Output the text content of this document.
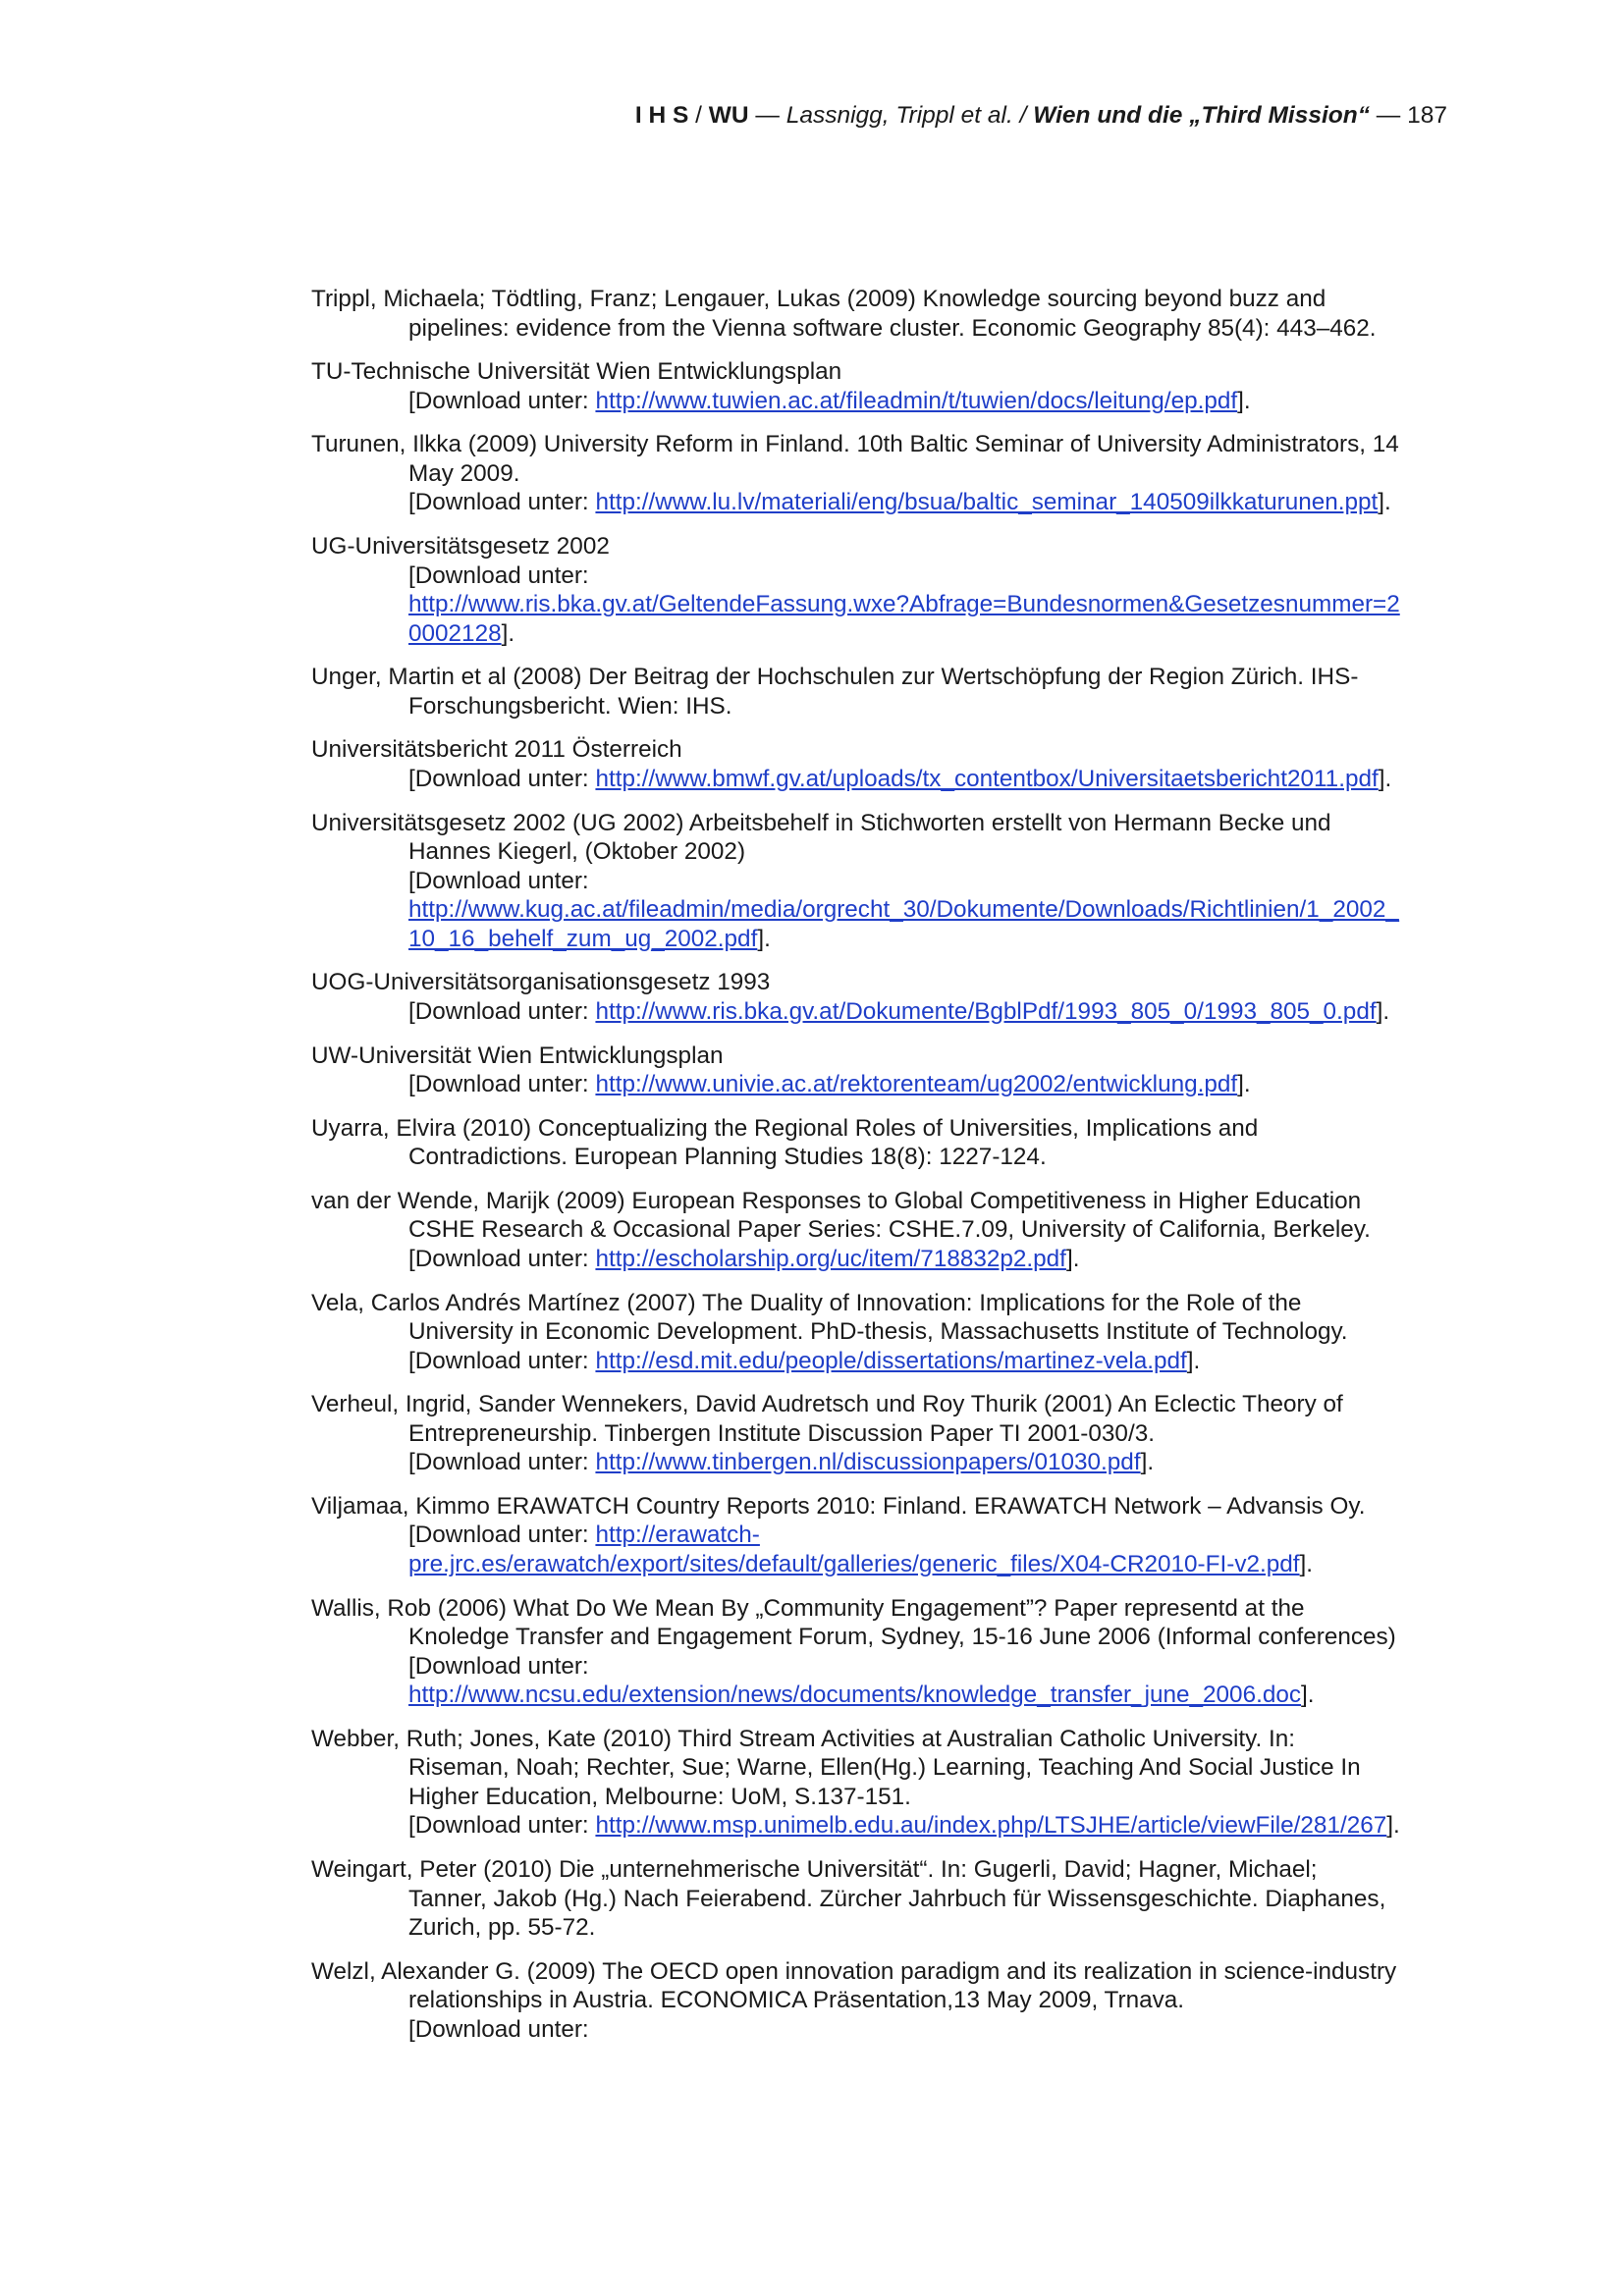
I H S / WU — Lassnigg, Trippl et al. / Wien und die „Third Mission“ — 187
Trippl, Michaela; Tödtling, Franz; Lengauer, Lukas (2009) Knowledge sourcing beyond buzz and
pipelines: evidence from the Vienna software cluster. Economic Geography 85(4): 443–462.
TU-Technische Universität Wien Entwicklungsplan
[Download unter: http://www.tuwien.ac.at/fileadmin/t/tuwien/docs/leitung/ep.pdf].
Turunen, Ilkka (2009) University Reform in Finland. 10th Baltic Seminar of University Administrators, 14
May 2009.
[Download unter: http://www.lu.lv/materiali/eng/bsua/baltic_seminar_140509ilkkaturunen.ppt].
UG-Universitätsgesetz 2002
[Download unter:
http://www.ris.bka.gv.at/GeltendeFassung.wxe?Abfrage=Bundesnormen&Gesetzesnummer=2
0002128].
Unger, Martin et al (2008) Der Beitrag der Hochschulen zur Wertschöpfung der Region Zürich. IHS-
Forschungsbericht. Wien: IHS.
Universitätsbericht 2011 Österreich
[Download unter: http://www.bmwf.gv.at/uploads/tx_contentbox/Universitaetsbericht2011.pdf].
Universitätsgesetz 2002 (UG 2002) Arbeitsbehelf in Stichworten erstellt von Hermann Becke und
Hannes Kiegerl, (Oktober 2002)
[Download unter:
http://www.kug.ac.at/fileadmin/media/orgrecht_30/Dokumente/Downloads/Richtlinien/1_2002_
10_16_behelf_zum_ug_2002.pdf].
UOG-Universitätsorganisationsgesetz 1993
[Download unter: http://www.ris.bka.gv.at/Dokumente/BgblPdf/1993_805_0/1993_805_0.pdf].
UW-Universität Wien Entwicklungsplan
[Download unter: http://www.univie.ac.at/rektorenteam/ug2002/entwicklung.pdf].
Uyarra, Elvira (2010) Conceptualizing the Regional Roles of Universities, Implications and
Contradictions. European Planning Studies 18(8): 1227-124.
van der Wende, Marijk (2009) European Responses to Global Competitiveness in Higher Education
CSHE Research & Occasional Paper Series: CSHE.7.09, University of California, Berkeley.
[Download unter: http://escholarship.org/uc/item/718832p2.pdf].
Vela, Carlos Andrés Martínez (2007) The Duality of Innovation: Implications for the Role of the
University in Economic Development. PhD-thesis, Massachusetts Institute of Technology.
[Download unter: http://esd.mit.edu/people/dissertations/martinez-vela.pdf].
Verheul, Ingrid, Sander Wennekers, David Audretsch und Roy Thurik (2001) An Eclectic Theory of
Entrepreneurship. Tinbergen Institute Discussion Paper TI 2001-030/3.
[Download unter: http://www.tinbergen.nl/discussionpapers/01030.pdf].
Viljamaa, Kimmo ERAWATCH Country Reports 2010: Finland. ERAWATCH Network – Advansis Oy.
[Download unter: http://erawatch-
pre.jrc.es/erawatch/export/sites/default/galleries/generic_files/X04-CR2010-FI-v2.pdf].
Wallis, Rob (2006) What Do We Mean By „Community Engagement”? Paper representd at the
Knoledge Transfer and Engagement Forum, Sydney, 15-16 June 2006 (Informal conferences)
[Download unter:
http://www.ncsu.edu/extension/news/documents/knowledge_transfer_june_2006.doc].
Webber, Ruth; Jones, Kate (2010) Third Stream Activities at Australian Catholic University. In:
Riseman, Noah; Rechter, Sue; Warne, Ellen(Hg.) Learning, Teaching And Social Justice In
Higher Education, Melbourne: UoM, S.137-151.
[Download unter: http://www.msp.unimelb.edu.au/index.php/LTSJHE/article/viewFile/281/267].
Weingart, Peter (2010) Die „unternehmerische Universität“. In: Gugerli, David; Hagner, Michael;
Tanner, Jakob (Hg.) Nach Feierabend. Zürcher Jahrbuch für Wissensgeschichte. Diaphanes,
Zurich, pp. 55-72.
Welzl, Alexander G. (2009) The OECD open innovation paradigm and its realization in science-industry
relationships in Austria. ECONOMICA Präsentation,13 May 2009, Trnava.
[Download unter:
